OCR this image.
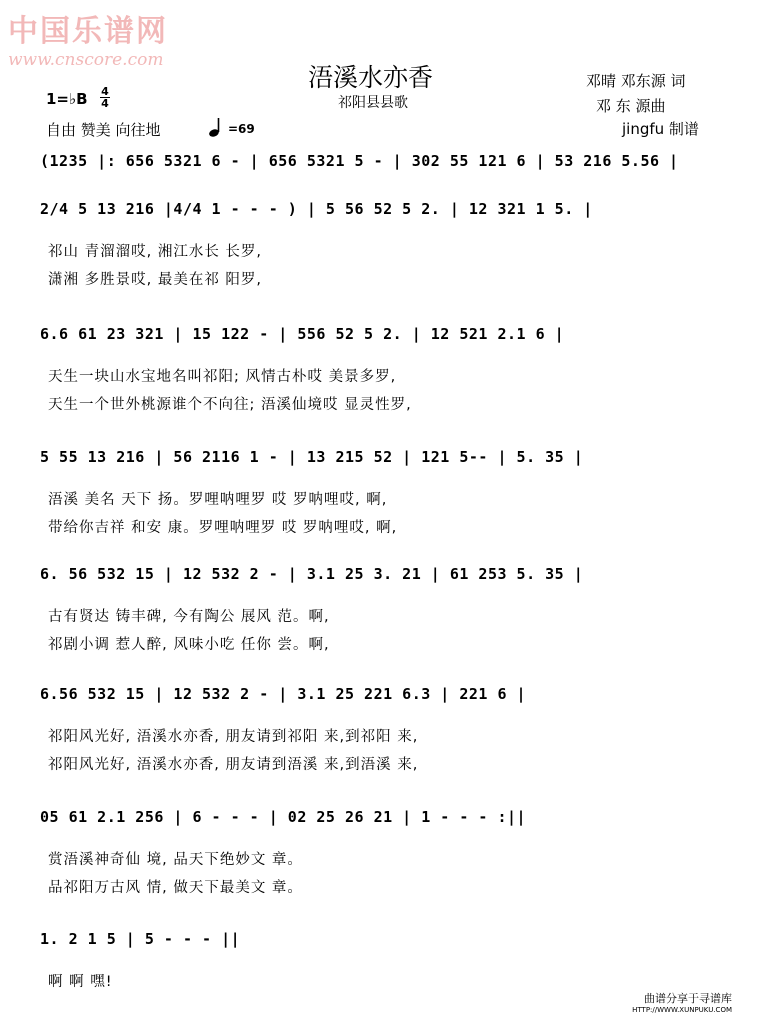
中国乐谱网
www.cnscore.com
浯溪水亦香
祁阳县县歌
邓晴 邓东源 词
邓 东 源曲
jingfu 制谱
1=♭B 4
4
自由 赞美 向往地	=69
(1235 |: 656 5321 6 - | 656 5321 5 - | 302 55 121 6 | 53 216 5.56 |
2/4 5 13 216 |4/4 1 - - - ) | 5 56 52 5 2. | 12 321 1 5. |
祁山 青溜溜哎, 湘江水长 长罗,
潇湘 多胜景哎, 最美在祁 阳罗,
6.6 61 23 321 | 15 122 - | 556 52 5 2. | 12 521 2.1 6 |
天生一块山水宝地名叫祁阳; 风情古朴哎 美景多罗,
天生一个世外桃源谁个不向往; 浯溪仙境哎 显灵性罗,
5 55 13 216 | 56 2116 1 - | 13 215 52 | 121 5-- | 5. 35 |
浯溪 美名 天下 扬。罗哩呐哩罗 哎 罗呐哩哎, 啊,
带给你吉祥 和安 康。罗哩呐哩罗 哎 罗呐哩哎, 啊,
6. 56 532 15 | 12 532 2 - | 3.1 25 3. 21 | 61 253 5. 35 |
古有贤达 铸丰碑, 今有陶公 展风 范。啊,
祁剧小调 惹人醉, 风味小吃 任你 尝。啊,
6.56 532 15 | 12 532 2 - | 3.1 25 221 6.3 | 221 6 |
祁阳风光好, 浯溪水亦香, 朋友请到祁阳 来,到祁阳 来,
祁阳风光好, 浯溪水亦香, 朋友请到浯溪 来,到浯溪 来,
05 61 2.1 256 | 6 - - - | 02 25 26 21 | 1 - - - :||
赏浯溪神奇仙 境, 品天下绝妙文 章。
品祁阳万古风 情, 做天下最美文 章。
1. 2 1 5 | 5 - - - ||
啊 啊 嘿!
曲谱分享于寻谱库
HTTP://WWW.XUNPUKU.COM
